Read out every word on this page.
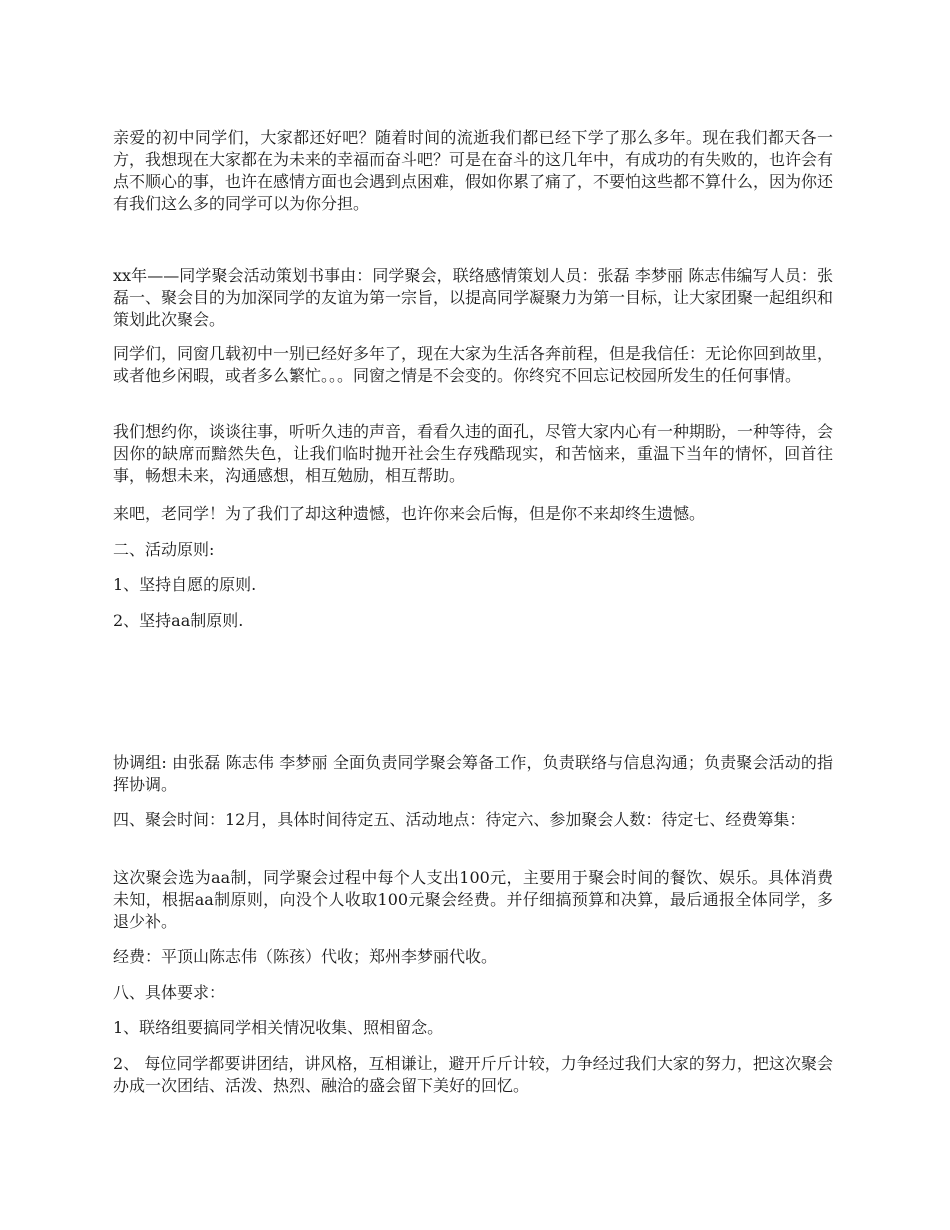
亲爱的初中同学们，大家都还好吧？随着时间的流逝我们都已经下学了那么多年。现在我们都天各一方，我想现在大家都在为未来的幸福而奋斗吧？可是在奋斗的这几年中，有成功的有失败的，也许会有点不顺心的事，也许在感情方面也会遇到点困难，假如你累了痛了，不要怕这些都不算什么，因为你还有我们这么多的同学可以为你分担。

xx年——同学聚会活动策划书事由：同学聚会，联络感情策划人员：张磊 李梦丽 陈志伟编写人员：张磊一、聚会目的为加深同学的友谊为第一宗旨，以提高同学凝聚力为第一目标，让大家团聚一起组织和策划此次聚会。

同学们，同窗几载初中一别已经好多年了，现在大家为生活各奔前程，但是我信任：无论你回到故里，或者他乡闲暇，或者多么繁忙。。。同窗之情是不会变的。你终究不回忘记校园所发生的任何事情。

我们想约你，谈谈往事，听听久违的声音，看看久违的面孔，尽管大家内心有一种期盼，一种等待，会因你的缺席而黯然失色，让我们临时抛开社会生存残酷现实，和苦恼来，重温下当年的情怀，回首往事，畅想未来，沟通感想，相互勉励，相互帮助。

来吧，老同学！为了我们了却这种遗憾，也许你来会后悔，但是你不来却终生遗憾。

二、活动原则:

1、坚持自愿的原则.

2、坚持aa制原则.

协调组: 由张磊 陈志伟 李梦丽 全面负责同学聚会筹备工作，负责联络与信息沟通；负责聚会活动的指挥协调。

四、聚会时间：12月，具体时间待定五、活动地点：待定六、参加聚会人数：待定七、经费筹集：

这次聚会选为aa制，同学聚会过程中每个人支出100元，主要用于聚会时间的餐饮、娱乐。具体消费未知，根据aa制原则，向没个人收取100元聚会经费。并仔细搞预算和决算，最后通报全体同学，多退少补。

经费：平顶山陈志伟（陈孩）代收；郑州李梦丽代收。

八、具体要求：

1、联络组要搞同学相关情况收集、照相留念。

2、 每位同学都要讲团结，讲风格，互相谦让，避开斤斤计较，力争经过我们大家的努力，把这次聚会办成一次团结、活泼、热烈、融洽的盛会留下美好的回忆。
